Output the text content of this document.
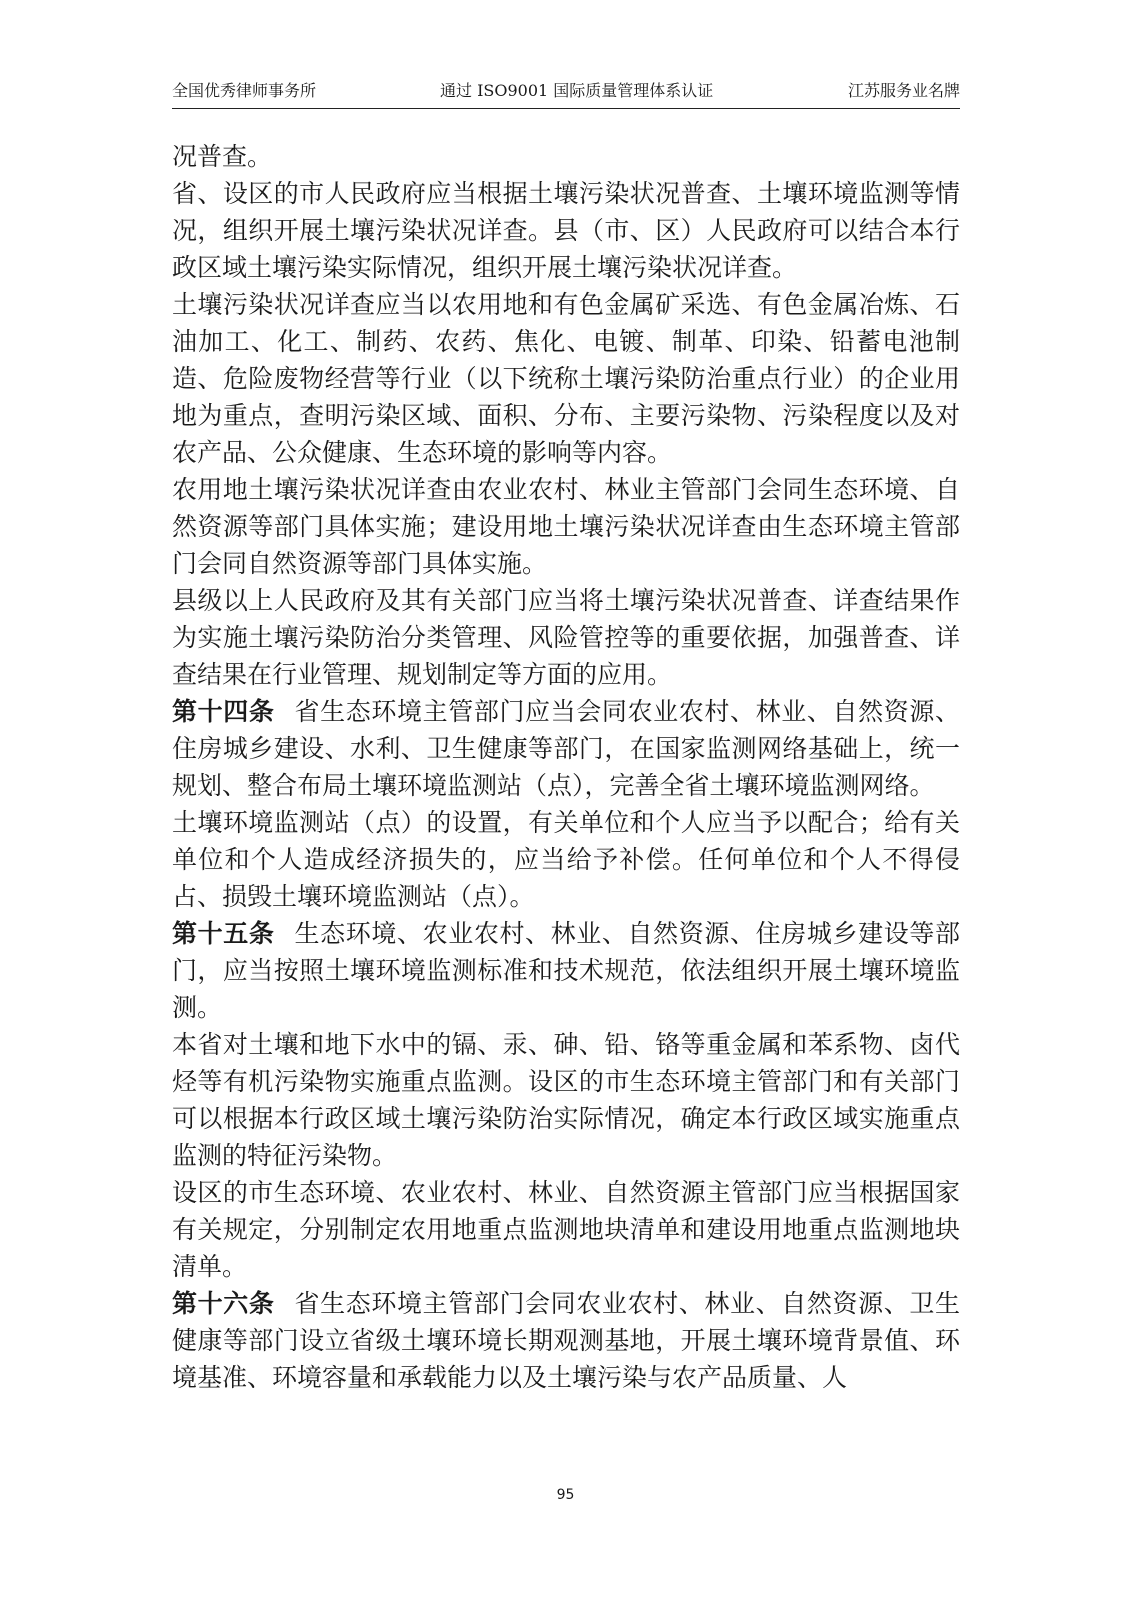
全国优秀律师事务所	通过 ISO9001 国际质量管理体系认证	江苏服务业名牌

况普查。

省、设区的市人民政府应当根据土壤污染状况普查、土壤环境监测等情况，组织开展土壤污染状况详查。县（市、区）人民政府可以结合本行政区域土壤污染实际情况，组织开展土壤污染状况详查。

土壤污染状况详查应当以农用地和有色金属矿采选、有色金属冶炼、石油加工、化工、制药、农药、焦化、电镀、制革、印染、铅蓄电池制造、危险废物经营等行业（以下统称土壤污染防治重点行业）的企业用地为重点，查明污染区域、面积、分布、主要污染物、污染程度以及对农产品、公众健康、生态环境的影响等内容。

农用地土壤污染状况详查由农业农村、林业主管部门会同生态环境、自然资源等部门具体实施；建设用地土壤污染状况详查由生态环境主管部门会同自然资源等部门具体实施。

县级以上人民政府及其有关部门应当将土壤污染状况普查、详查结果作为实施土壤污染防治分类管理、风险管控等的重要依据，加强普查、详查结果在行业管理、规划制定等方面的应用。

第十四条 省生态环境主管部门应当会同农业农村、林业、自然资源、住房城乡建设、水利、卫生健康等部门，在国家监测网络基础上，统一规划、整合布局土壤环境监测站（点），完善全省土壤环境监测网络。

土壤环境监测站（点）的设置，有关单位和个人应当予以配合；给有关单位和个人造成经济损失的，应当给予补偿。任何单位和个人不得侵占、损毁土壤环境监测站（点）。

第十五条 生态环境、农业农村、林业、自然资源、住房城乡建设等部门，应当按照土壤环境监测标准和技术规范，依法组织开展土壤环境监测。

本省对土壤和地下水中的镉、汞、砷、铅、铬等重金属和苯系物、卤代烃等有机污染物实施重点监测。设区的市生态环境主管部门和有关部门可以根据本行政区域土壤污染防治实际情况，确定本行政区域实施重点监测的特征污染物。

设区的市生态环境、农业农村、林业、自然资源主管部门应当根据国家有关规定，分别制定农用地重点监测地块清单和建设用地重点监测地块清单。

第十六条 省生态环境主管部门会同农业农村、林业、自然资源、卫生健康等部门设立省级土壤环境长期观测基地，开展土壤环境背景值、环境基准、环境容量和承载能力以及土壤污染与农产品质量、人

95
